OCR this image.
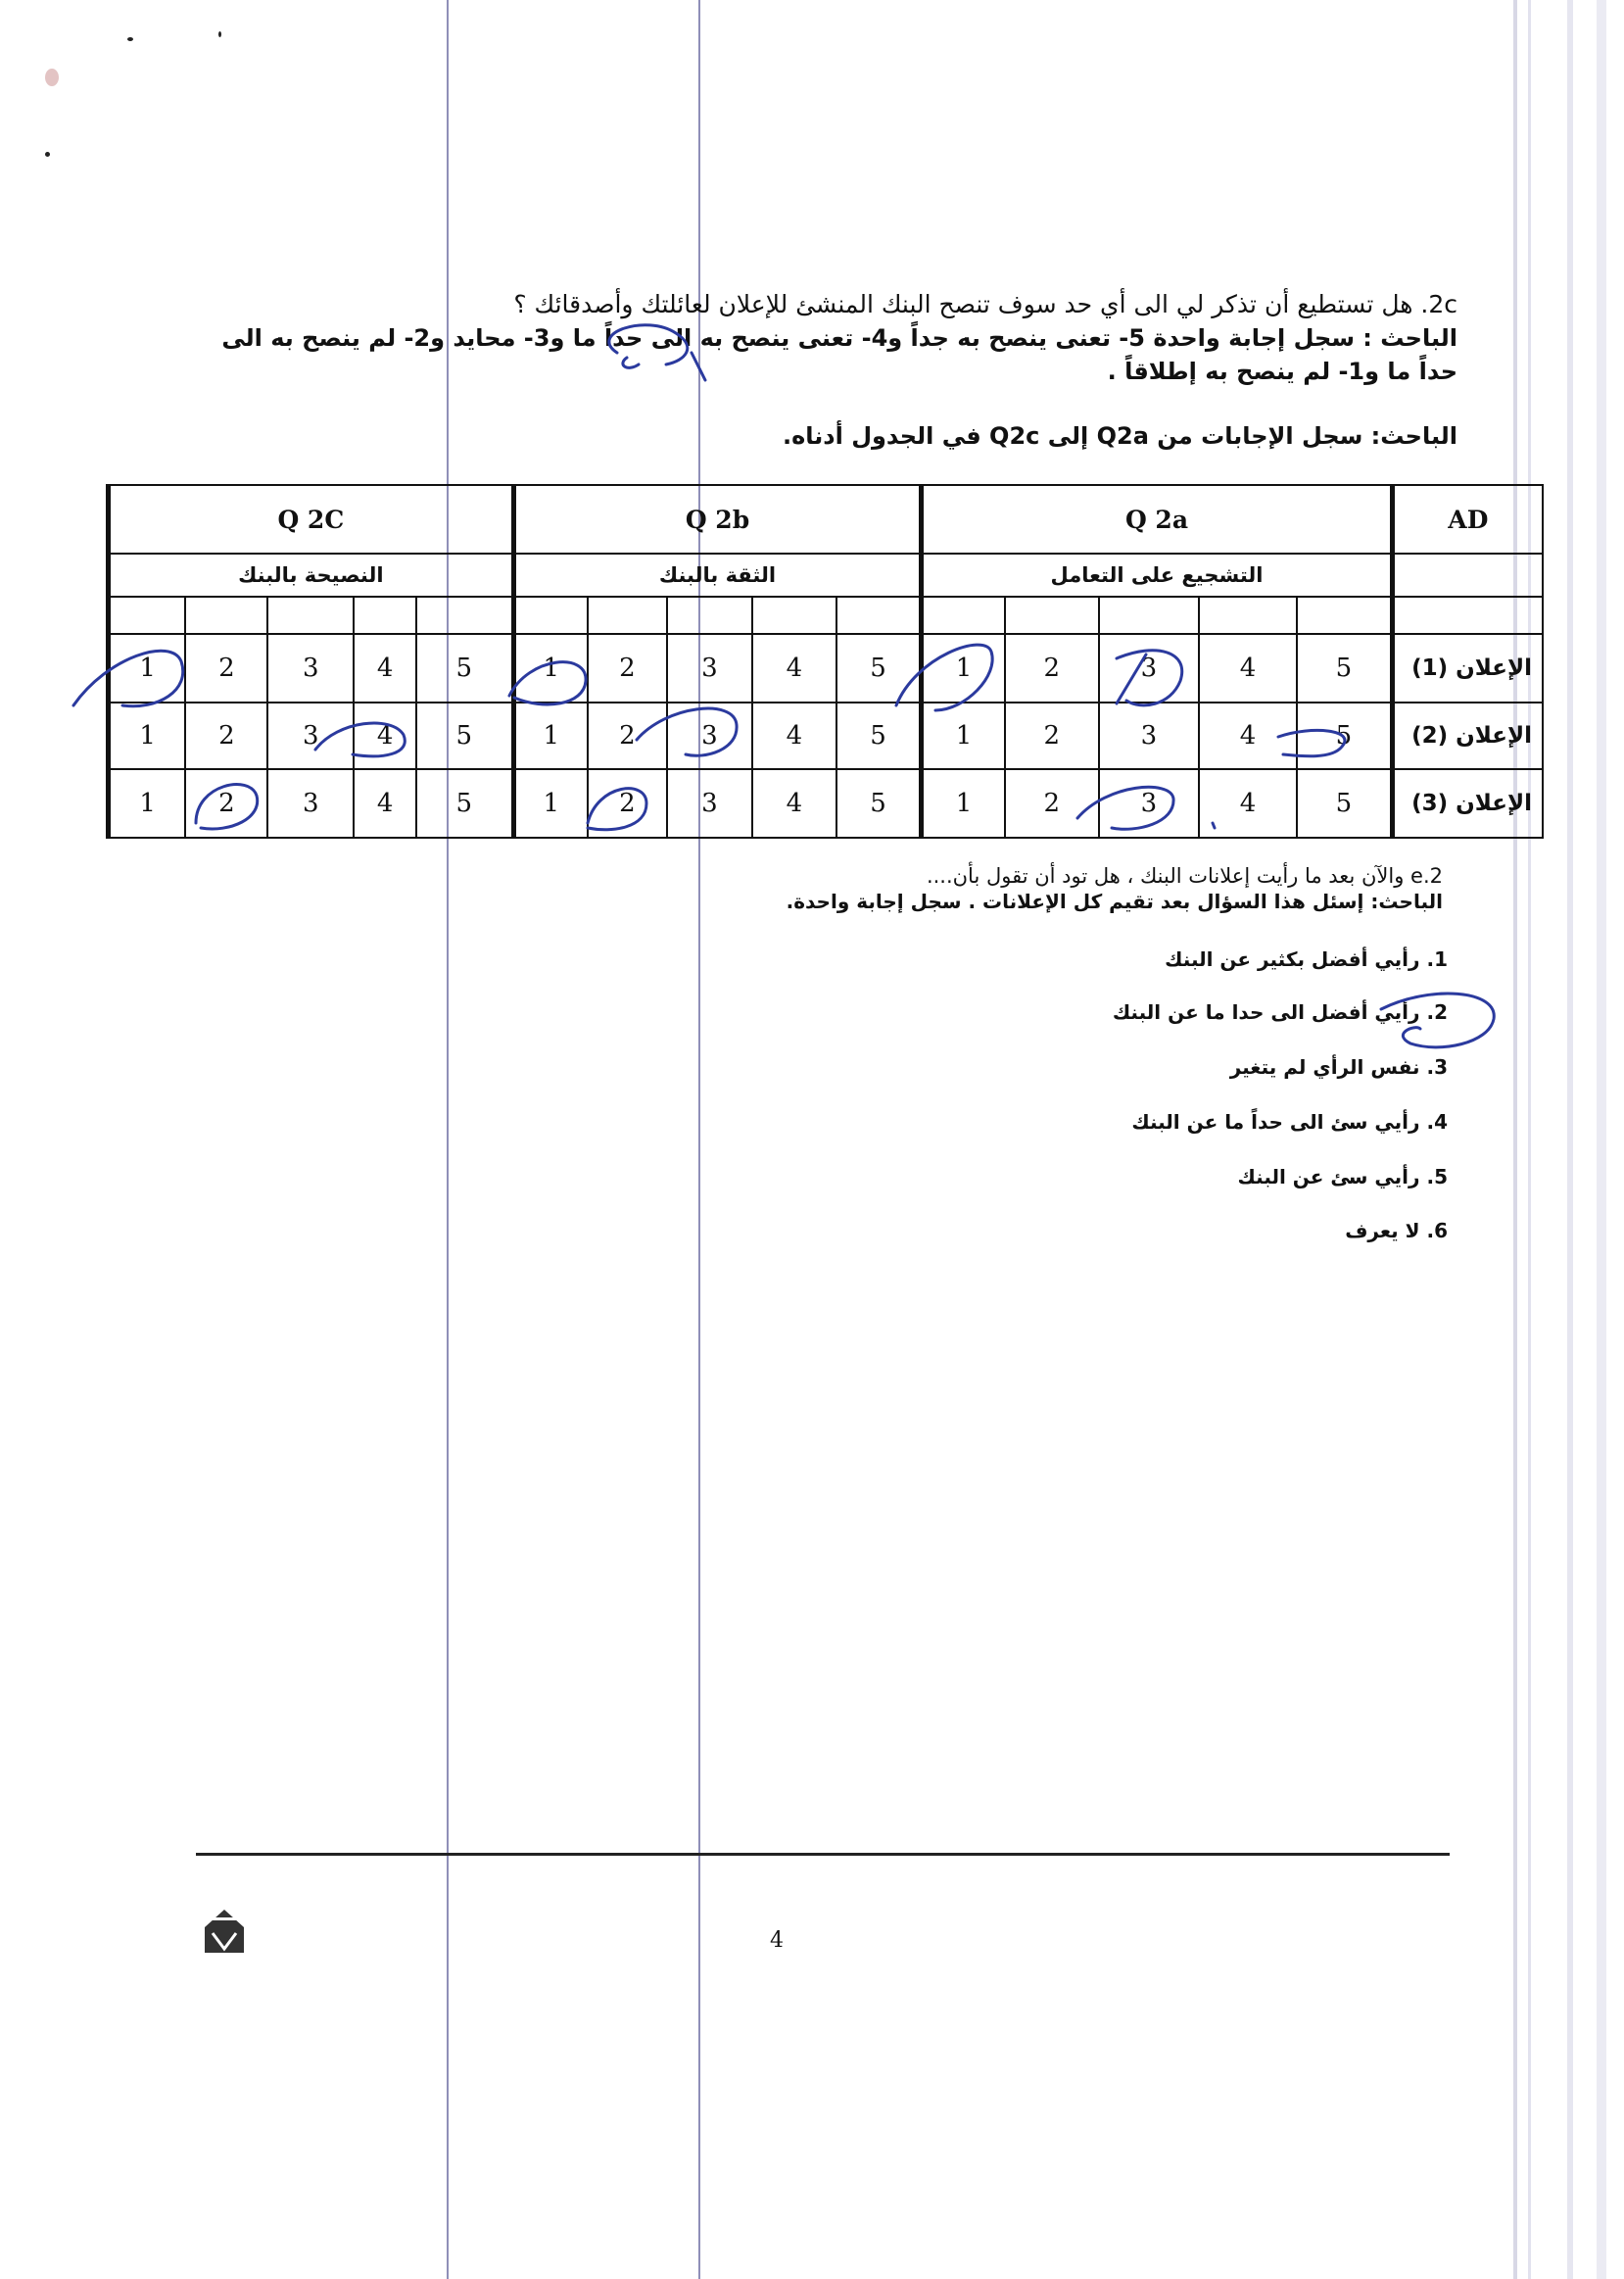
2c. هل تستطيع أن تذكر لي الى أي حد سوف تنصح البنك المنشئ للإعلان لعائلتك وأصدقائك ؟
الباحث : سجل إجابة واحدة 5- تعنى ينصح به جداً و4- تعنى ينصح به الى حداً ما و3- محايد و2- لم ينصح به الى حداً ما و1- لم ينصح به إطلاقاً .
الباحث: سجل الإجابات من Q2a إلى Q2c في الجدول أدناه.
Q 2C					Q 2b					Q 2a					AD
النصيحة بالبنك					الثقة بالبنك					التشجيع على التعامل					

1	2	3	4	5	1	2	3	4	5	1	2	3	4	5	الإعلان (1)
1	2	3	4	5	1	2	3	4	5	1	2	3	4	5	الإعلان (2)
1	2	3	4	5	1	2	3	4	5	1	2	3	4	5	الإعلان (3)
2.e والآن بعد ما رأيت إعلانات البنك ، هل تود أن تقول بأن....
الباحث: إسئل هذا السؤال بعد تقيم كل الإعلانات . سجل إجابة واحدة.
1. رأيي أفضل بكثير عن البنك
2. رأيي أفضل الى حدا ما عن البنك
3. نفس الرأي لم يتغير
4. رأيي سئ الى حداً ما عن البنك
5. رأيي سئ عن البنك
6. لا يعرف
4
